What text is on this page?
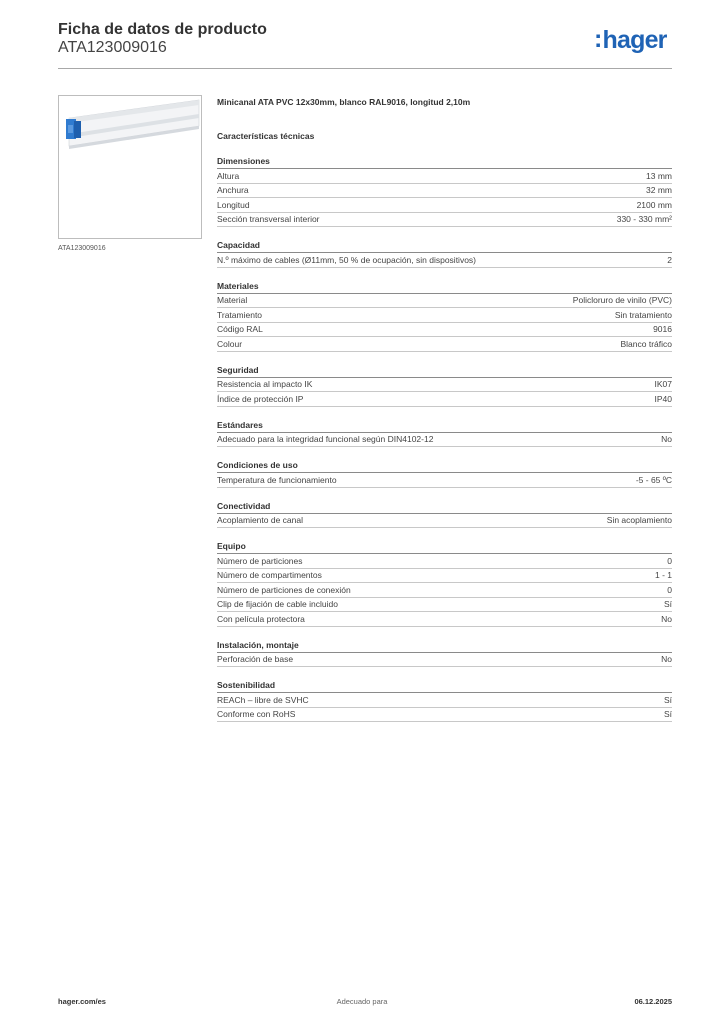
Ficha de datos de producto
ATA123009016	:hager
ATA123009016
Minicanal ATA PVC 12x30mm, blanco RAL9016, longitud 2,10m
Características técnicas
Dimensiones
Altura	13 mm
Anchura	32 mm
Longitud	2100 mm
Sección transversal interior	330 - 330 mm²
Capacidad
N.º máximo de cables (Ø11mm, 50 % de ocupación, sin dispositivos)	2
Materiales
Material	Policloruro de vinilo (PVC)
Tratamiento	Sin tratamiento
Código RAL	9016
Colour	Blanco tráfico
Seguridad
Resistencia al impacto IK	IK07
Índice de protección IP	IP40
Estándares
Adecuado para la integridad funcional según DIN4102-12	No
Condiciones de uso
Temperatura de funcionamiento	-5 - 65 ºC
Conectividad
Acoplamiento de canal	Sin acoplamiento
Equipo
Número de particiones	0
Número de compartimentos	1 - 1
Número de particiones de conexión	0
Clip de fijación de cable incluido	Sí
Con película protectora	No
Instalación, montaje
Perforación de base	No
Sostenibilidad
REACh – libre de SVHC	Sí
Conforme con RoHS	Sí
hager.com/es	Adecuado para	06.12.2025
